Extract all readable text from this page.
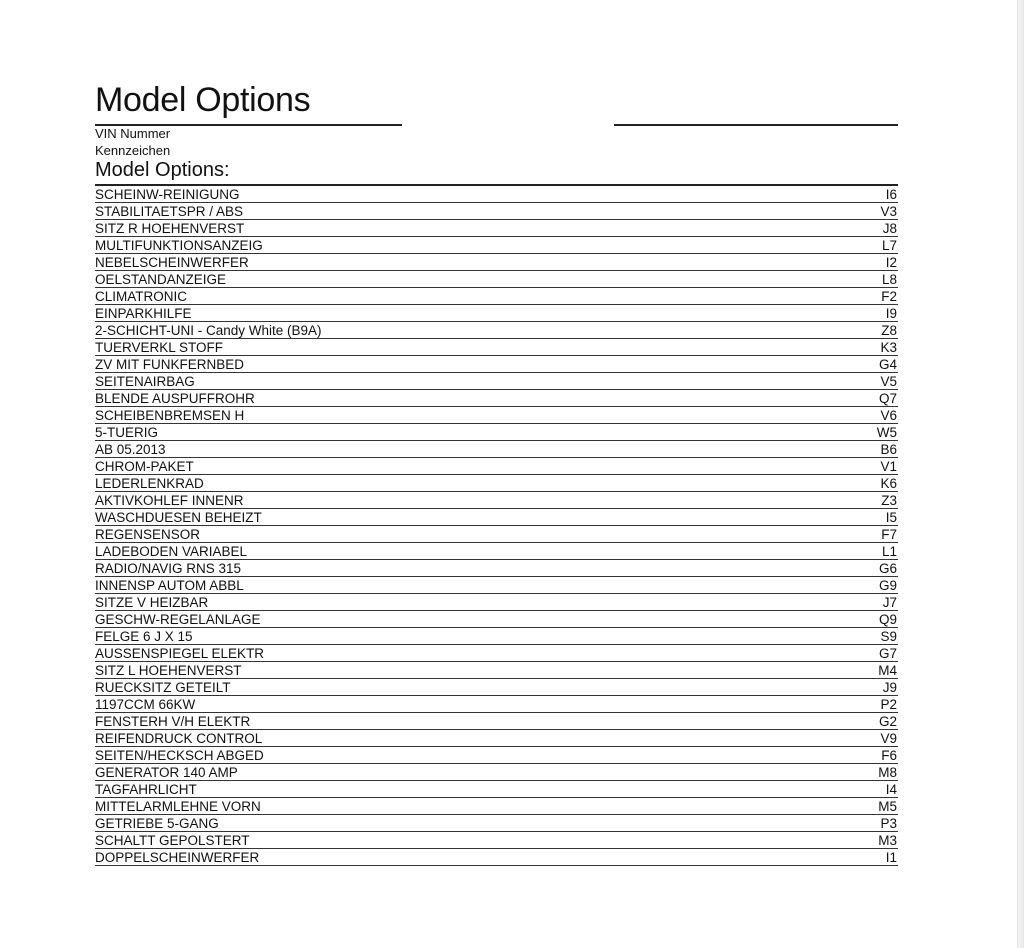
Model Options
VIN Nummer
Kennzeichen
Model Options:
SCHEINW-REINIGUNG	I6
STABILITAETSPR / ABS	V3
SITZ R HOEHENVERST	J8
MULTIFUNKTIONSANZEIG	L7
NEBELSCHEINWERFER	I2
OELSTANDANZEIGE	L8
CLIMATRONIC	F2
EINPARKHILFE	I9
2-SCHICHT-UNI - Candy White (B9A)	Z8
TUERVERKL STOFF	K3
ZV MIT FUNKFERNBED	G4
SEITENAIRBAG	V5
BLENDE AUSPUFFROHR	Q7
SCHEIBENBREMSEN H	V6
5-TUERIG	W5
AB 05.2013	B6
CHROM-PAKET	V1
LEDERLENKRAD	K6
AKTIVKOHLEF INNENR	Z3
WASCHDUESEN BEHEIZT	I5
REGENSENSOR	F7
LADEBODEN VARIABEL	L1
RADIO/NAVIG RNS 315	G6
INNENSP AUTOM ABBL	G9
SITZE V HEIZBAR	J7
GESCHW-REGELANLAGE	Q9
FELGE 6 J X 15	S9
AUSSENSPIEGEL ELEKTR	G7
SITZ L HOEHENVERST	M4
RUECKSITZ GETEILT	J9
1197CCM 66KW	P2
FENSTERH V/H ELEKTR	G2
REIFENDRUCK CONTROL	V9
SEITEN/HECKSCH ABGED	F6
GENERATOR 140 AMP	M8
TAGFAHRLICHT	I4
MITTELARMLEHNE VORN	M5
GETRIEBE 5-GANG	P3
SCHALTT GEPOLSTERT	M3
DOPPELSCHEINWERFER	I1
